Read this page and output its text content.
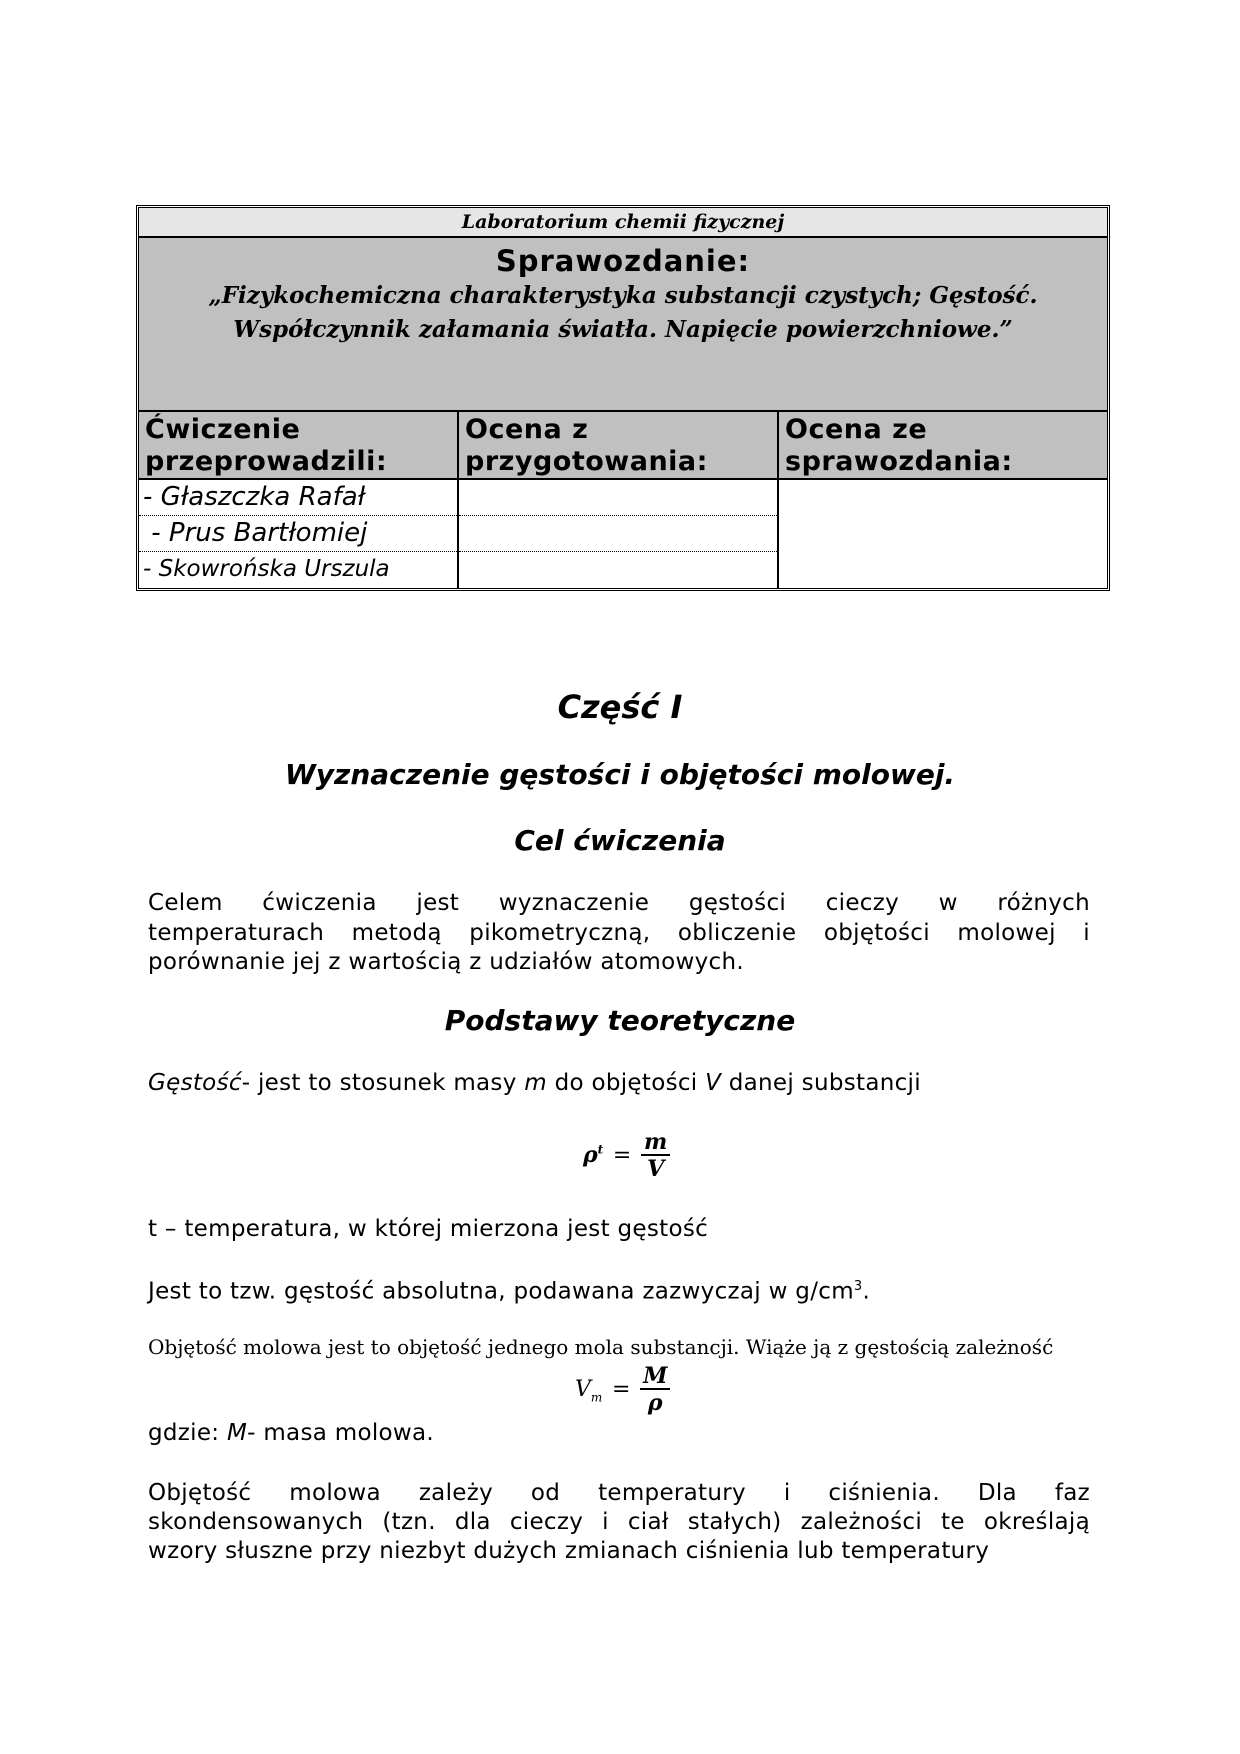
Laboratorium chemii fizycznej
Sprawozdanie:
„Fizykochemiczna charakterystyka substancji czystych; Gęstość.
Współczynnik załamania światła. Napięcie powierzchniowe.”
Ćwiczenie
przeprowadzili:
- Głaszczka Rafał
- Prus Bartłomiej
- Skowrońska Urszula
Ocena z
przygotowania:
Ocena ze
sprawozdania:
Część I
Wyznaczenie gęstości i objętości molowej.
Cel ćwiczenia
Celem ćwiczenia jest wyznaczenie gęstości cieczy w różnych
temperaturach metodą pikometryczną, obliczenie objętości molowej i
porównanie jej z wartością z udziałów atomowych.
Podstawy teoretyczne
Gęstość- jest to stosunek masy m do objętości V danej substancji
$\rho^t = \frac{m}{V}$
t – temperatura, w której mierzona jest gęstość
Jest to tzw. gęstość absolutna, podawana zazwyczaj w $g/cm^3$.
Objętość molowa jest to objętość jednego mola substancji. Wiąże ją z gęstością zależność
$V_m = \frac{M}{\rho}$
gdzie: M- masa molowa.
Objętość molowa zależy od temperatury i ciśnienia. Dla faz
skondensowanych (tzn. dla cieczy i ciał stałych) zależności te określają
wzory słuszne przy niezbyt dużych zmianach ciśnienia lub temperatury
